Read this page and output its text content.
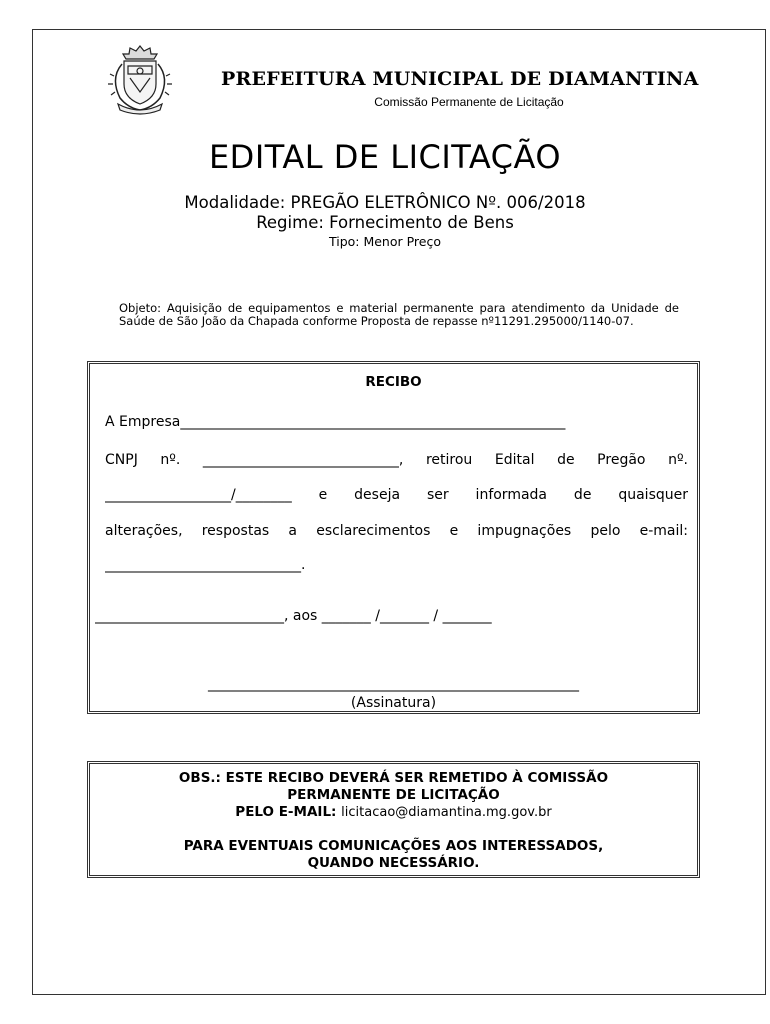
PREFEITURA MUNICIPAL DE DIAMANTINA
Comissão Permanente de Licitação
EDITAL DE LICITAÇÃO
Modalidade: PREGÃO ELETRÔNICO Nº. 006/2018
Regime: Fornecimento de Bens
Tipo: Menor Preço
Objeto: Aquisição de equipamentos e material permanente para atendimento da Unidade de Saúde de São João da Chapada conforme Proposta de repasse nº11291.295000/1140-07.
RECIBO
A Empresa_______________________________________________________
CNPJ nº. ____________________________, retirou Edital de Pregão nº.
__________________/________ e deseja ser informada de quaisquer
alterações, respostas a esclarecimentos e impugnações pelo e-mail:
____________________________.
___________________________, aos _______ /_______ / _______
_____________________________________________________
(Assinatura)
OBS.: ESTE RECIBO DEVERÁ SER REMETIDO À COMISSÃO
PERMANENTE DE LICITAÇÃO
PELO E-MAIL: licitacao@diamantina.mg.gov.br
PARA EVENTUAIS COMUNICAÇÕES AOS INTERESSADOS,
QUANDO NECESSÁRIO.
